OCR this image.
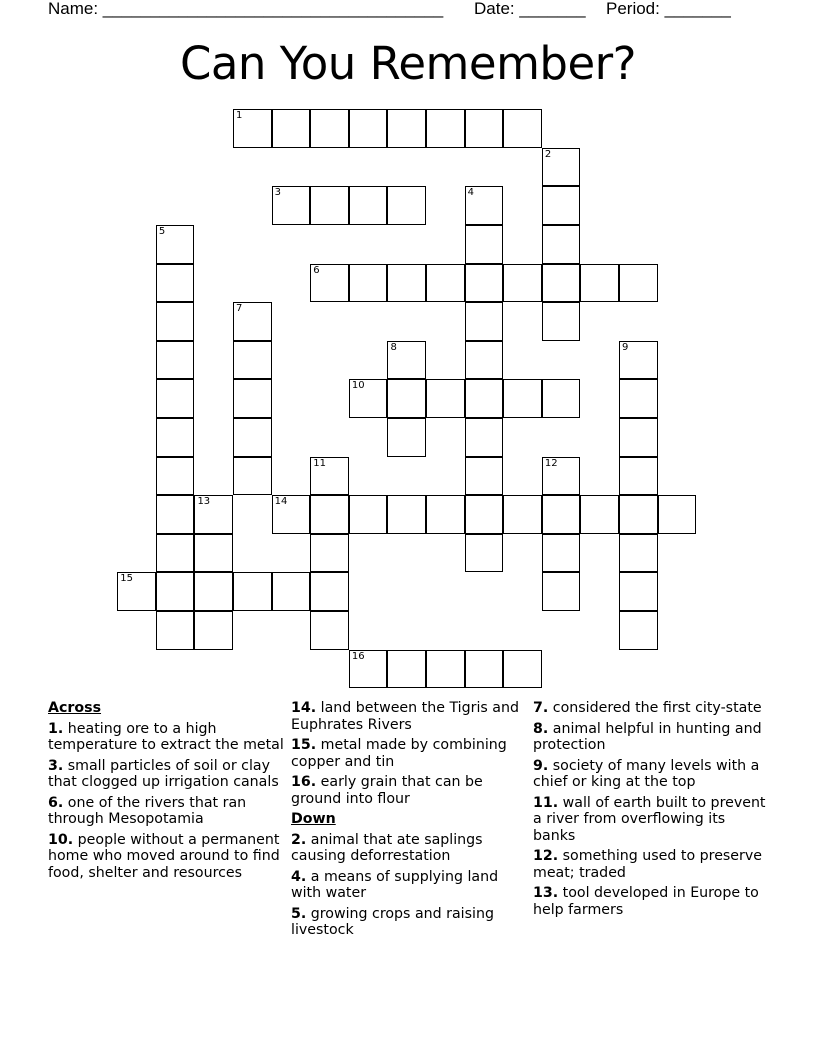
Name: ____________________________________ Date: _______ Period: _______
Can You Remember?
1
2
3	4
5
6
7
8	9
10
11	12
13	14
15
16
Across
1. heating ore to a high temperature to extract the metal
3. small particles of soil or clay that clogged up irrigation canals
6. one of the rivers that ran through Mesopotamia
10. people without a permanent home who moved around to find food, shelter and resources
14. land between the Tigris and Euphrates Rivers
15. metal made by combining copper and tin
16. early grain that can be ground into flour
Down
2. animal that ate saplings causing deforrestation
4. a means of supplying land with water
5. growing crops and raising livestock
7. considered the first city-state
8. animal helpful in hunting and protection
9. society of many levels with a chief or king at the top
11. wall of earth built to prevent a river from overflowing its banks
12. something used to preserve meat; traded
13. tool developed in Europe to help farmers
